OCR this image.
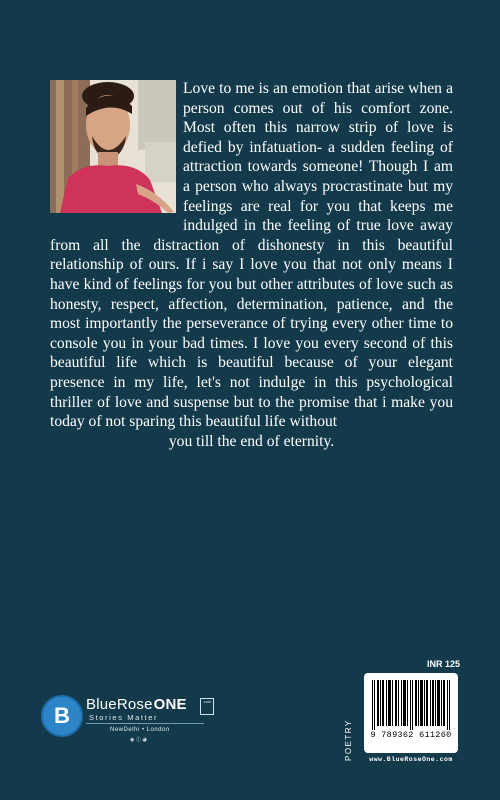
Love to me is an emotion that arise when a person comes out of his comfort zone. Most often this narrow strip of love is defied by infatuation- a sudden feeling of attraction towards someone! Though I am a person who always procrastinate but my feelings are real for you that keeps me indulged in the feeling of true love away from all the distraction of dishonesty in this beautiful relationship of ours. If i say I love you that not only means I have kind of feelings for you but other attributes of love such as honesty, respect, affection, determination, patience, and the most importantly the perseverance of trying every other time to console you in your bad times. I love you every second of this beautiful life which is beautiful because of your elegant presence in my life, let's not indulge in this psychological thriller of love and suspense but to the promise that i make you today of not sparing this beautiful life without
you till the end of eternity.

B	BlueRoseONE	.com
Stories Matter
NewDelhi • London
◉ ⓕ ◕
INR 125
POETRY	9 789362 611260
www.BlueRoseOne.com
